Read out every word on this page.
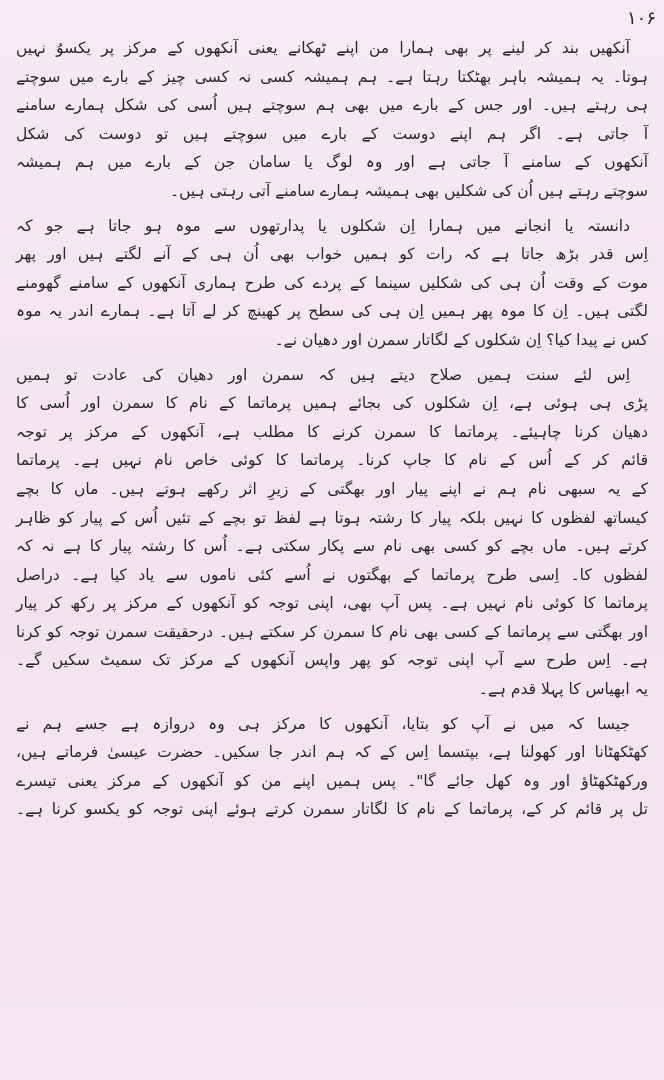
۱۰۶
آنکھیں بند کر لینے پر بھی ہمارا من اپنے ٹھکانے یعنی آنکھوں کے مرکز پر یکسوُ نہیں
ہوتا۔ یہ ہمیشہ باہر بھٹکتا رہتا ہے۔ ہم ہمیشہ کسی نہ کسی چیز کے بارے میں سوچتے
ہی رہتے ہیں۔ اور جس کے بارے میں بھی ہم سوچتے ہیں اُسی کی شکل ہمارے سامنے
آ جاتی ہے۔ اگر ہم اپنے دوست کے بارے میں سوچتے ہیں تو دوست کی شکل
آنکھوں کے سامنے آ جاتی ہے اور وہ لوگ یا سامان جن کے بارے میں ہم ہمیشہ
سوچتے رہتے ہیں اُن کی شکلیں بھی ہمیشہ ہمارے سامنے آتی رہتی ہیں۔
دانستہ یا انجانے میں ہمارا اِن شکلوں یا پدارتھوں سے موہ ہو جاتا ہے جو کہ
اِس قدر بڑھ جاتا ہے کہ رات کو ہمیں خواب بھی اُن ہی کے آنے لگتے ہیں اور پھر
موت کے وقت اُن ہی کی شکلیں سینما کے پردے کی طرح ہماری آنکھوں کے سامنے گھومنے
لگتی ہیں۔ اِن کا موہ پھر ہمیں اِن ہی کی سطح پر کھینچ کر لے آتا ہے۔ ہمارے اندر یہ موہ
کس نے پیدا کیا؟ اِن شکلوں کے لگاتار سمرن اور دھیان نے۔
اِس لئے سنت ہمیں صلاح دیتے ہیں کہ سمرن اور دھیان کی عادت تو ہمیں
پڑی ہی ہوئی ہے، اِن شکلوں کی بجائے ہمیں پرماتما کے نام کا سمرن اور اُسی کا
دھیان کرنا چاہیئے۔ پرماتما کا سمرن کرنے کا مطلب ہے، آنکھوں کے مرکز پر توجہ
قائم کر کے اُس کے نام کا جاپ کرنا۔ پرماتما کا کوئی خاص نام نہیں ہے۔ پرماتما
کے یہ سبھی نام ہم نے اپنے پیار اور بھگتی کے زیرِ اثر رکھے ہوتے ہیں۔ ماں کا بچے
کیساتھ لفظوں کا نہیں بلکہ پیار کا رشتہ ہوتا ہے لفظ تو بچے کے تئیں اُس کے پیار کو ظاہر
کرتے ہیں۔ ماں بچے کو کسی بھی نام سے پکار سکتی ہے۔ اُس کا رشتہ پیار کا ہے نہ کہ
لفظوں کا۔ اِسی طرح پرماتما کے بھگتوں نے اُسے کئی ناموں سے یاد کیا ہے۔ دراصل
پرماتما کا کوئی نام نہیں ہے۔ پس آپ بھی، اپنی توجہ کو آنکھوں کے مرکز پر رکھ کر پیار
اور بھگتی سے پرماتما کے کسی بھی نام کا سمرن کر سکتے ہیں۔ درحقیقت سمرن توجہ کو کرنا
ہے۔ اِس طرح سے آپ اپنی توجہ کو پھر واپس آنکھوں کے مرکز تک سمیٹ سکیں گے۔
یہ ابھیاس کا پہلا قدم ہے۔
جیسا کہ میں نے آپ کو بتایا، آنکھوں کا مرکز ہی وہ دروازہ ہے جسے ہم نے
کھٹکھٹانا اور کھولنا ہے، بپتسما اِس کے کہ ہم اندر جا سکیں۔ حضرت عیسیٰ فرماتے ہیں،
ورکھٹکھٹاؤ اور وہ کھل جائے گا"۔ پس ہمیں اپنے من کو آنکھوں کے مرکز یعنی تیسرے
تل پر قائم کر کے، پرماتما کے نام کا لگاتار سمرن کرتے ہوئے اپنی توجہ کو یکسو کرنا ہے۔
